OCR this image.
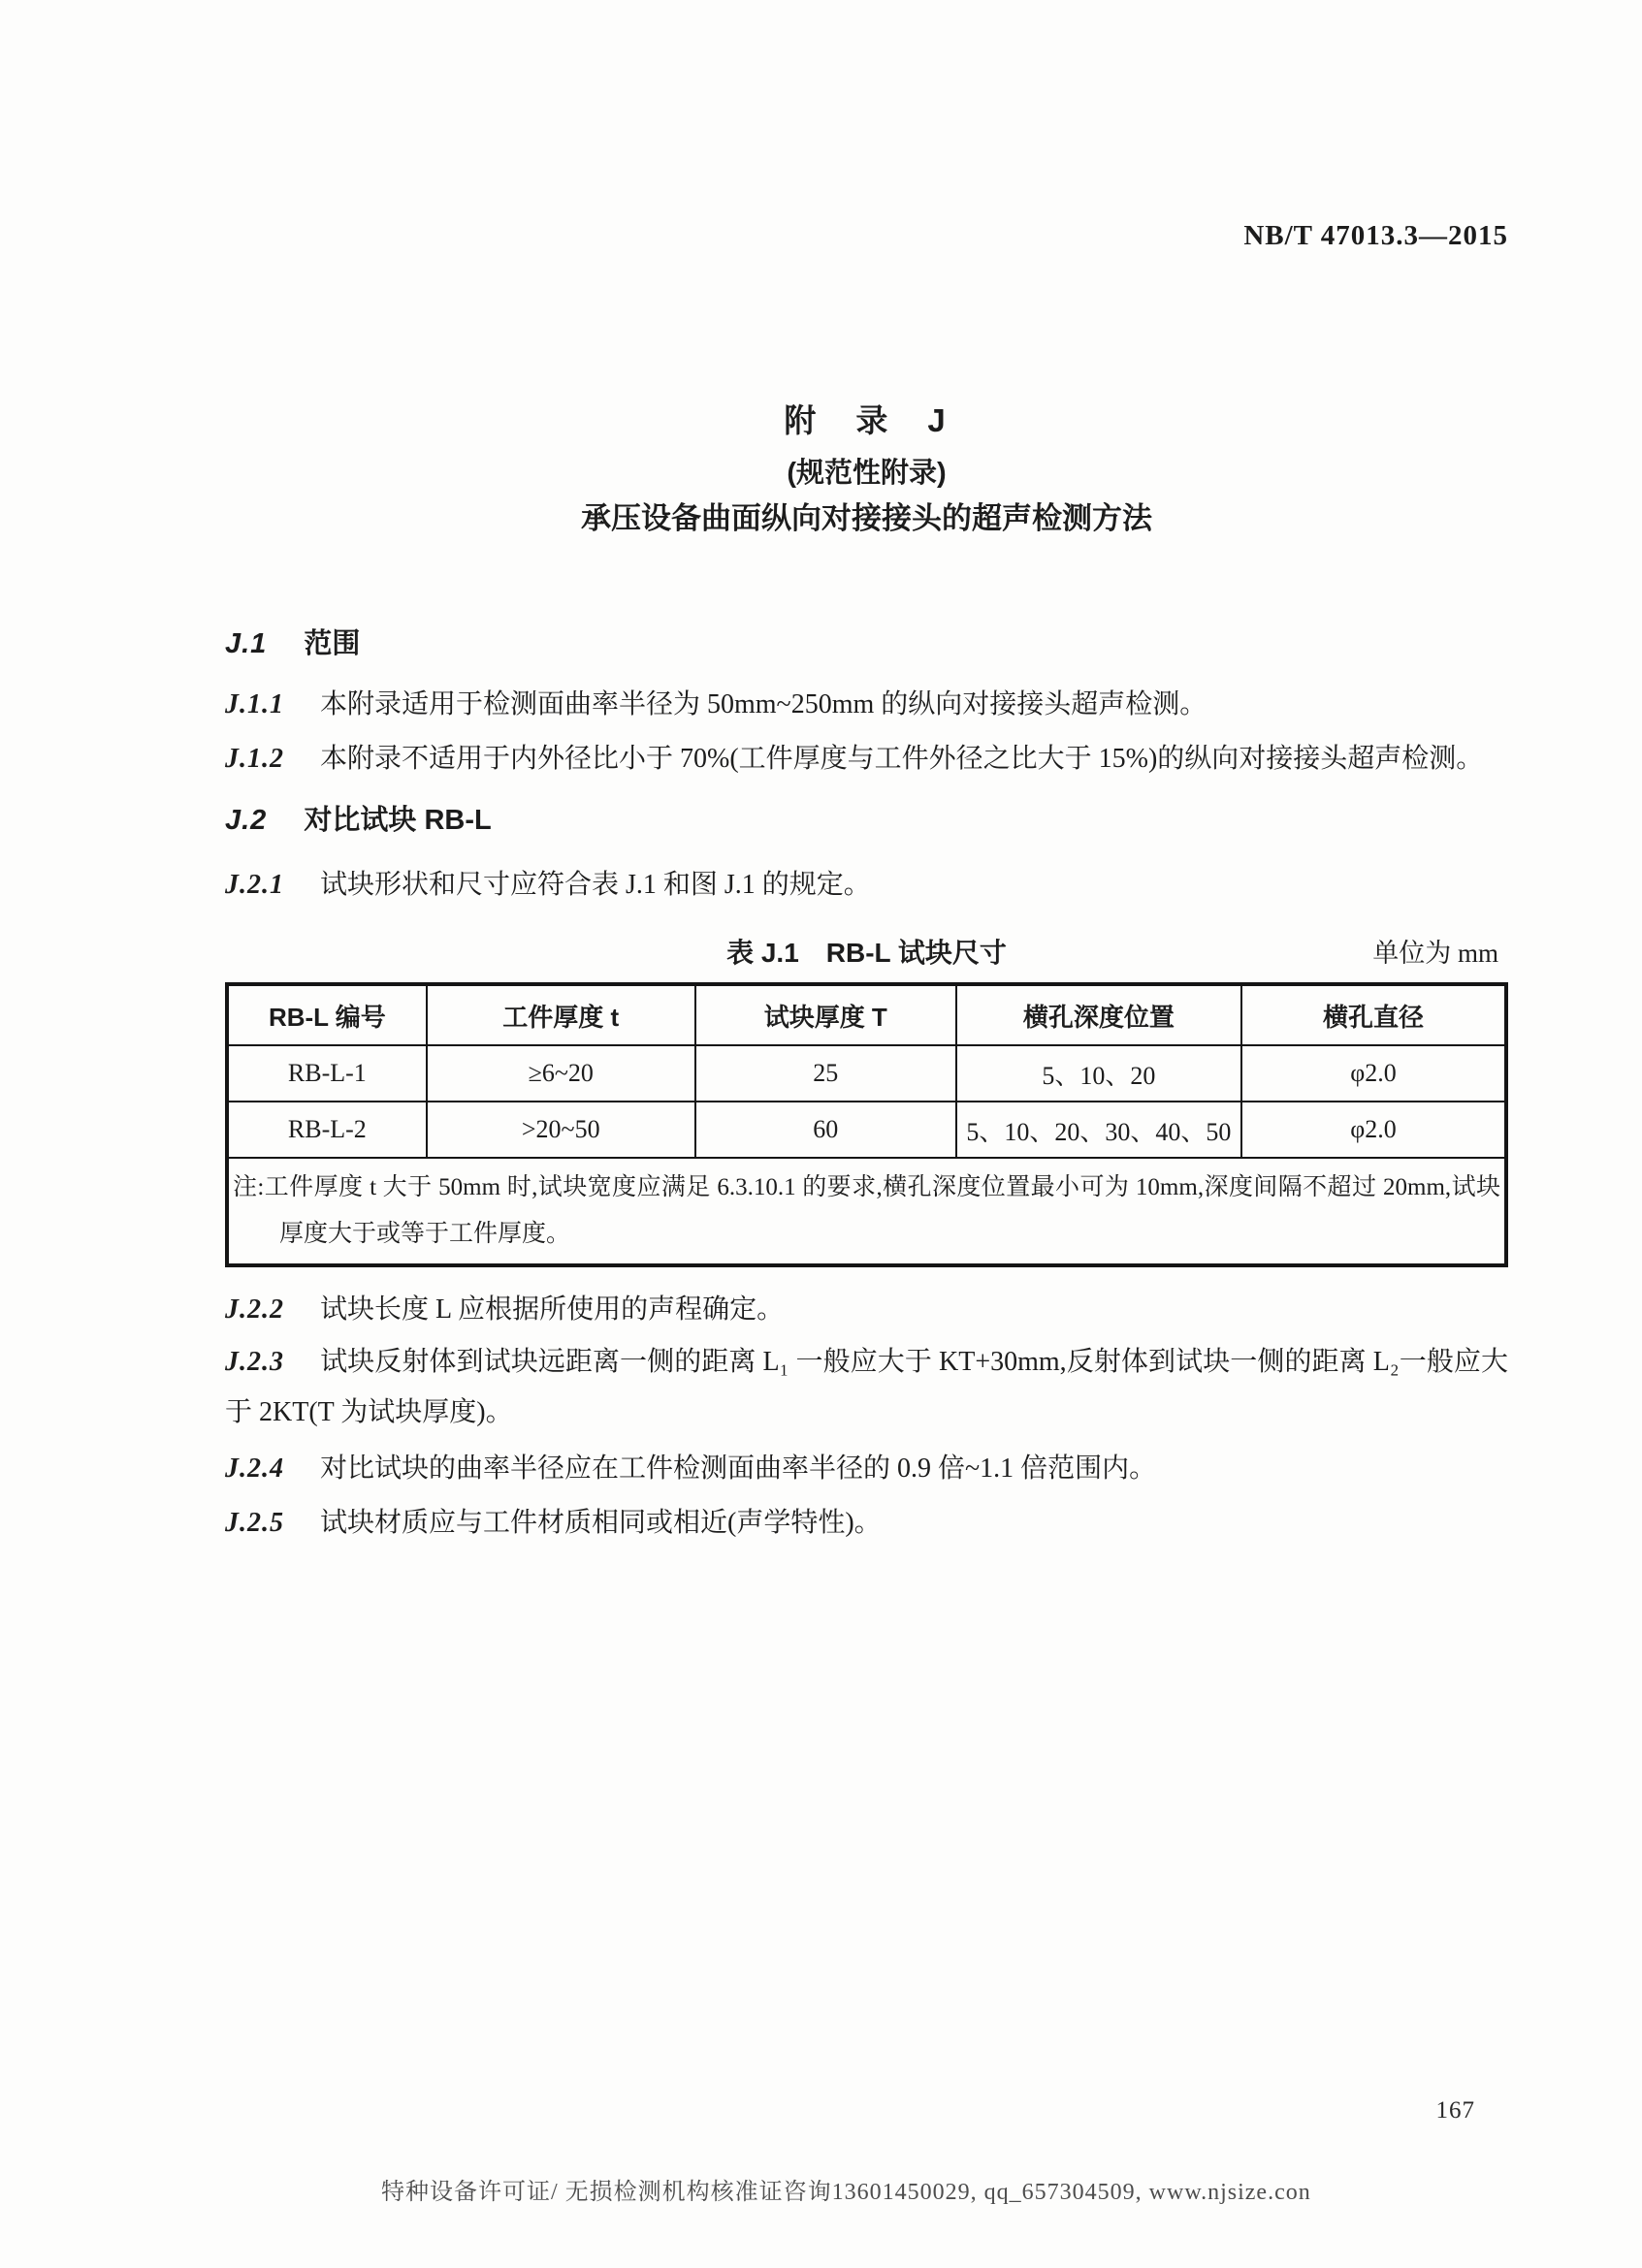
NB/T 47013.3—2015
附　录　J
(规范性附录)
承压设备曲面纵向对接接头的超声检测方法
J.1 范围

J.1.1 本附录适用于检测面曲率半径为 50mm~250mm 的纵向对接接头超声检测。

J.1.2 本附录不适用于内外径比小于 70%(工件厚度与工件外径之比大于 15%)的纵向对接接头超声检测。

J.2 对比试块 RB-L

J.2.1 试块形状和尺寸应符合表 J.1 和图 J.1 的规定。

表 J.1　RB-L 试块尺寸	单位为 mm
RB-L 编号	工件厚度 t	试块厚度 T	横孔深度位置	横孔直径
RB-L-1	≥6~20	25	5、10、20	φ2.0
RB-L-2	>20~50	60	5、10、20、30、40、50	φ2.0

注:工件厚度 t 大于 50mm 时,试块宽度应满足 6.3.10.1 的要求,横孔深度位置最小可为 10mm,深度间隔不超过 20mm,试块厚度大于或等于工件厚度。				

J.2.2 试块长度 L 应根据所使用的声程确定。

J.2.3 试块反射体到试块远距离一侧的距离 L₁ 一般应大于 KT+30mm,反射体到试块一侧的距离 L₂一般应大于 2KT(T 为试块厚度)。

J.2.4 对比试块的曲率半径应在工件检测面曲率半径的 0.9 倍~1.1 倍范围内。

J.2.5 试块材质应与工件材质相同或相近(声学特性)。

167
特种设备许可证/ 无损检测机构核准证咨询13601450029, qq_657304509, www.njsize.con
